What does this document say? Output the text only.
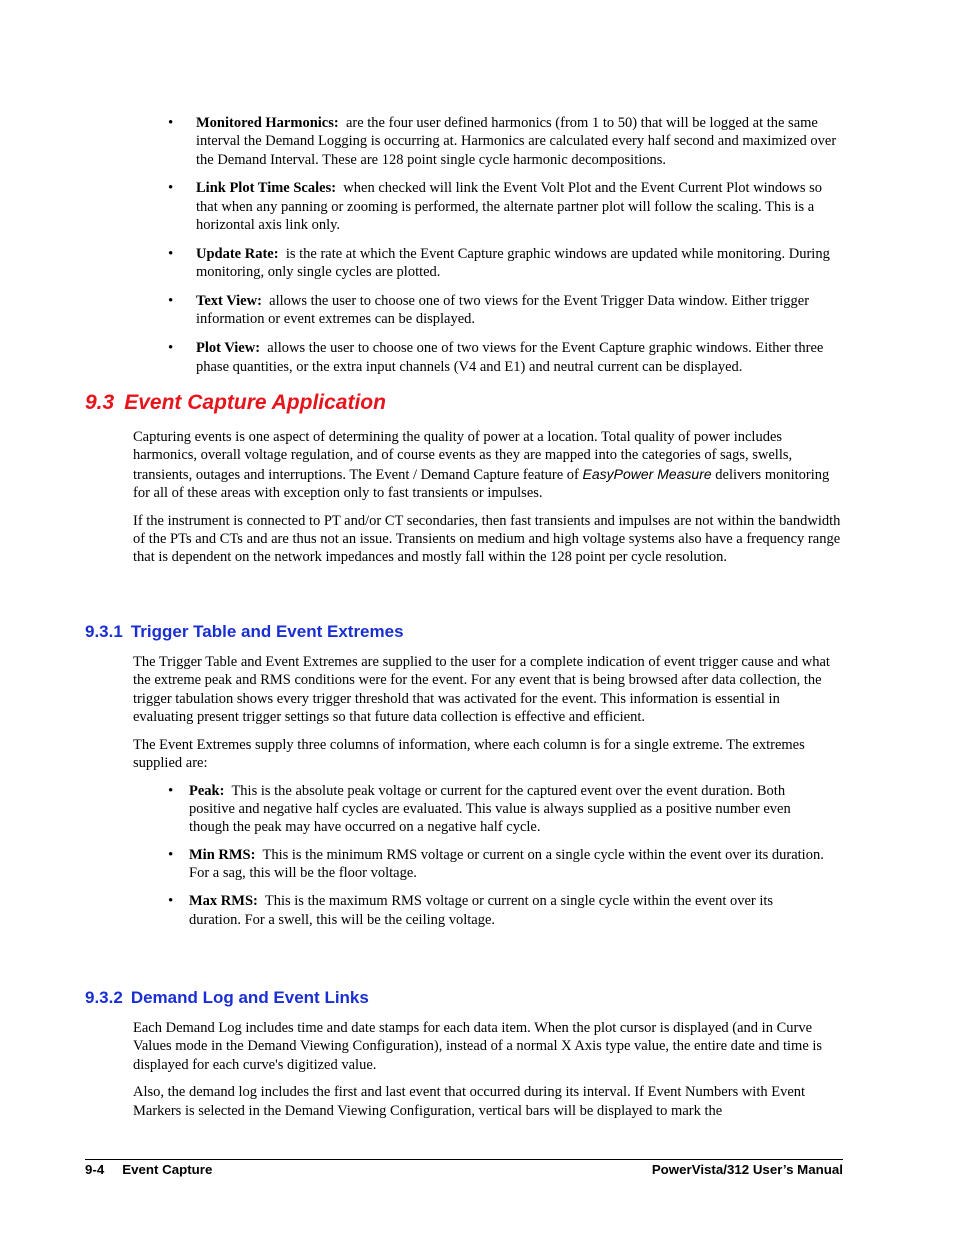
• Monitored Harmonics: are the four user defined harmonics (from 1 to 50) that will be logged at the same interval the Demand Logging is occurring at. Harmonics are calculated every half second and maximized over the Demand Interval. These are 128 point single cycle harmonic decompositions.
• Link Plot Time Scales: when checked will link the Event Volt Plot and the Event Current Plot windows so that when any panning or zooming is performed, the alternate partner plot will follow the scaling. This is a horizontal axis link only.
• Update Rate: is the rate at which the Event Capture graphic windows are updated while monitoring. During monitoring, only single cycles are plotted.
• Text View: allows the user to choose one of two views for the Event Trigger Data window. Either trigger information or event extremes can be displayed.
• Plot View: allows the user to choose one of two views for the Event Capture graphic windows. Either three phase quantities, or the extra input channels (V4 and E1) and neutral current can be displayed.
9.3 Event Capture Application

Capturing events is one aspect of determining the quality of power at a location. Total quality of power includes harmonics, overall voltage regulation, and of course events as they are mapped into the categories of sags, swells, transients, outages and interruptions. The Event / Demand Capture feature of EasyPower Measure delivers monitoring for all of these areas with exception only to fast transients or impulses.

If the instrument is connected to PT and/or CT secondaries, then fast transients and impulses are not within the bandwidth of the PTs and CTs and are thus not an issue. Transients on medium and high voltage systems also have a frequency range that is dependent on the network impedances and mostly fall within the 128 point per cycle resolution.

9.3.1 Trigger Table and Event Extremes

The Trigger Table and Event Extremes are supplied to the user for a complete indication of event trigger cause and what the extreme peak and RMS conditions were for the event. For any event that is being browsed after data collection, the trigger tabulation shows every trigger threshold that was activated for the event. This information is essential in evaluating present trigger settings so that future data collection is effective and efficient.

The Event Extremes supply three columns of information, where each column is for a single extreme. The extremes supplied are:

• Peak: This is the absolute peak voltage or current for the captured event over the event duration. Both positive and negative half cycles are evaluated. This value is always supplied as a positive number even though the peak may have occurred on a negative half cycle.
• Min RMS: This is the minimum RMS voltage or current on a single cycle within the event over its duration. For a sag, this will be the floor voltage.
• Max RMS: This is the maximum RMS voltage or current on a single cycle within the event over its duration. For a swell, this will be the ceiling voltage.
9.3.2 Demand Log and Event Links

Each Demand Log includes time and date stamps for each data item. When the plot cursor is displayed (and in Curve Values mode in the Demand Viewing Configuration), instead of a normal X Axis type value, the entire date and time is displayed for each curve's digitized value.

Also, the demand log includes the first and last event that occurred during its interval. If Event Numbers with Event Markers is selected in the Demand Viewing Configuration, vertical bars will be displayed to mark the

9-4 Event Capture	PowerVista/312 User’s Manual
